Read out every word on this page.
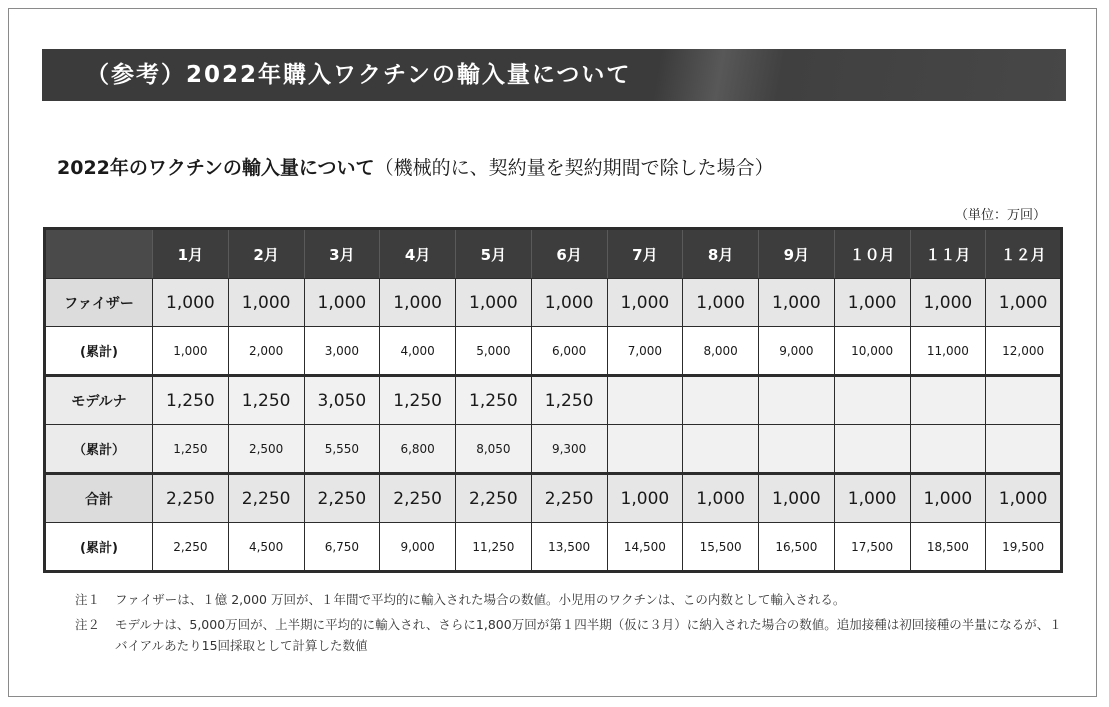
（参考）2022年購入ワクチンの輸入量について
2022年のワクチンの輸入量について（機械的に、契約量を契約期間で除した場合）
（単位：万回）
	1月	2月	3月	4月	5月	6月	7月	8月	9月	１０月	１１月	１２月
ファイザー	1,000	1,000	1,000	1,000	1,000	1,000	1,000	1,000	1,000	1,000	1,000	1,000
(累計)	1,000	2,000	3,000	4,000	5,000	6,000	7,000	8,000	9,000	10,000	11,000	12,000
モデルナ	1,250	1,250	3,050	1,250	1,250	1,250						
（累計）	1,250	2,500	5,550	6,800	8,050	9,300						
合計	2,250	2,250	2,250	2,250	2,250	2,250	1,000	1,000	1,000	1,000	1,000	1,000
(累計)	2,250	4,500	6,750	9,000	11,250	13,500	14,500	15,500	16,500	17,500	18,500	19,500
注１	ファイザーは、１億 2,000 万回が、１年間で平均的に輸入された場合の数値。小児用のワクチンは、この内数として輸入される。
注２	モデルナは、5,000万回が、上半期に平均的に輸入され、さらに1,800万回が第１四半期（仮に３月）に納入された場合の数値。追加接種は初回接種の半量になるが、１バイアルあたり15回採取として計算した数値
